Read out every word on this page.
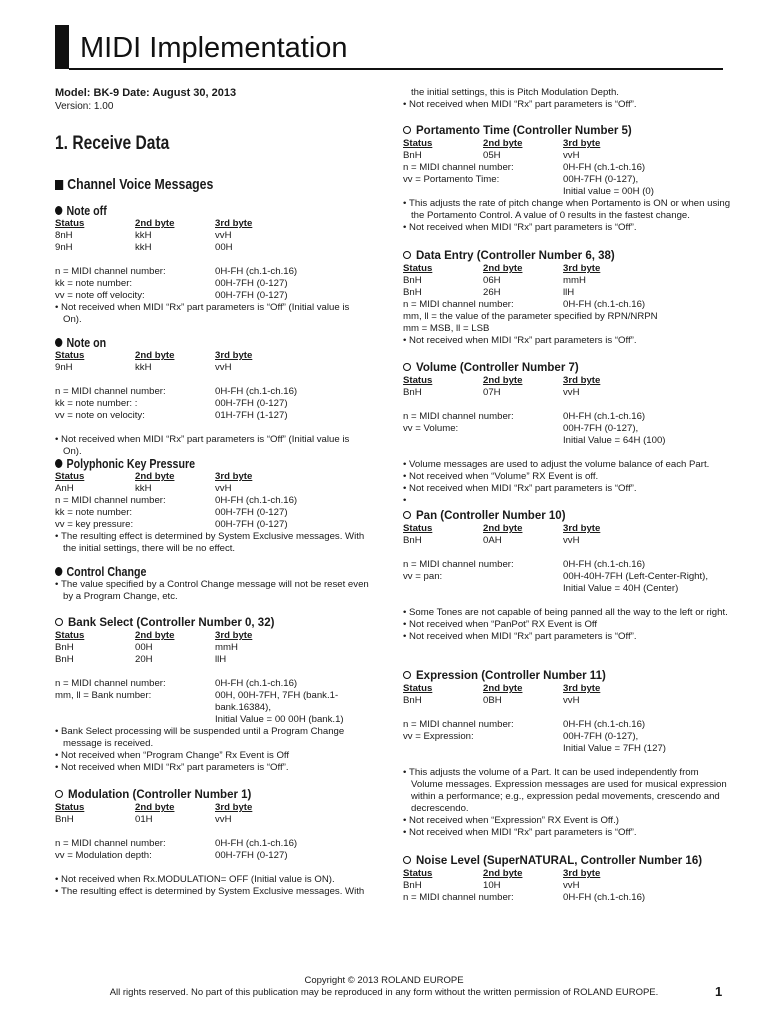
MIDI Implementation
Model: BK-9 Date: August 30, 2013
Version: 1.00
1. Receive Data
Channel Voice Messages
Note off
Status	2nd byte	3rd byte
8nH	kkH	vvH
9nH	kkH	00H
n = MIDI channel number:	0H-FH (ch.1-ch.16)
kk = note number:	00H-7FH (0-127)
vv = note off velocity:	00H-7FH (0-127)
• Not received when MIDI “Rx” part parameters is “Off” (Initial value is On).
Note on
Status	2nd byte	3rd byte
9nH	kkH	vvH
n = MIDI channel number:	0H-FH (ch.1-ch.16)
kk = note number: :	00H-7FH (0-127)
vv = note on velocity:	01H-7FH (1-127)
• Not received when MIDI “Rx” part parameters is “Off” (Initial value is On).
Polyphonic Key Pressure
Status	2nd byte	3rd byte
AnH	kkH	vvH
n = MIDI channel number:	0H-FH (ch.1-ch.16)
kk = note number:	00H-7FH (0-127)
vv = key pressure:	00H-7FH (0-127)
• The resulting effect is determined by System Exclusive messages. With the initial settings, there will be no effect.
Control Change
• The value specified by a Control Change message will not be reset even by a Program Change, etc.
Bank Select (Controller Number 0, 32)
Status	2nd byte	3rd byte
BnH	00H	mmH
BnH	20H	llH
n = MIDI channel number:	0H-FH (ch.1-ch.16)
mm, ll = Bank number:	00H, 00H-7FH, 7FH (bank.1-bank.16384),
Initial Value = 00 00H (bank.1)
• Bank Select processing will be suspended until a Program Change message is received.
• Not received when “Program Change” Rx Event is Off
• Not received when MIDI “Rx” part parameters is “Off”.
Modulation (Controller Number 1)
Status	2nd byte	3rd byte
BnH	01H	vvH
n = MIDI channel number:	0H-FH (ch.1-ch.16)
vv = Modulation depth:	00H-7FH (0-127)
• Not received when Rx.MODULATION= OFF (Initial value is ON).
• The resulting effect is determined by System Exclusive messages. With
the initial settings, this is Pitch Modulation Depth.
• Not received when MIDI “Rx” part parameters is “Off”.
Portamento Time (Controller Number 5)
Status	2nd byte	3rd byte
BnH	05H	vvH
n = MIDI channel number:	0H-FH (ch.1-ch.16)
vv = Portamento Time:	00H-7FH (0-127),
Initial value = 00H (0)
• This adjusts the rate of pitch change when Portamento is ON or when using the Portamento Control. A value of 0 results in the fastest change.
• Not received when MIDI “Rx” part parameters is “Off”.
Data Entry (Controller Number 6, 38)
Status	2nd byte	3rd byte
BnH	06H	mmH
BnH	26H	llH
n = MIDI channel number:	0H-FH (ch.1-ch.16)
mm, ll = the value of the parameter specified by RPN/NRPN
mm = MSB, ll = LSB
• Not received when MIDI “Rx” part parameters is “Off”.
Volume (Controller Number 7)
Status	2nd byte	3rd byte
BnH	07H	vvH
n = MIDI channel number:	0H-FH (ch.1-ch.16)
vv = Volume:	00H-7FH (0-127),
Initial Value = 64H (100)
• Volume messages are used to adjust the volume balance of each Part.
• Not received when “Volume” RX Event is off.
• Not received when MIDI “Rx” part parameters is “Off”.
•
Pan (Controller Number 10)
Status	2nd byte	3rd byte
BnH	0AH	vvH
n = MIDI channel number:	0H-FH (ch.1-ch.16)
vv = pan:	00H-40H-7FH (Left-Center-Right),
Initial Value = 40H (Center)
• Some Tones are not capable of being panned all the way to the left or right.
• Not received when “PanPot” RX Event is Off
• Not received when MIDI “Rx” part parameters is “Off”.
Expression (Controller Number 11)
Status	2nd byte	3rd byte
BnH	0BH	vvH
n = MIDI channel number:	0H-FH (ch.1-ch.16)
vv = Expression:	00H-7FH (0-127),
Initial Value = 7FH (127)
• This adjusts the volume of a Part. It can be used independently from Volume messages. Expression messages are used for musical expression within a performance; e.g., expression pedal movements, crescendo and decrescendo.
• Not received when “Expression” RX Event is Off.)
• Not received when MIDI “Rx” part parameters is “Off”.
Noise Level (SuperNATURAL, Controller Number 16)
Status	2nd byte	3rd byte
BnH	10H	vvH
n = MIDI channel number:	0H-FH (ch.1-ch.16)
Copyright © 2013 ROLAND EUROPE
All rights reserved. No part of this publication may be reproduced in any form without the written permission of ROLAND EUROPE.	1
